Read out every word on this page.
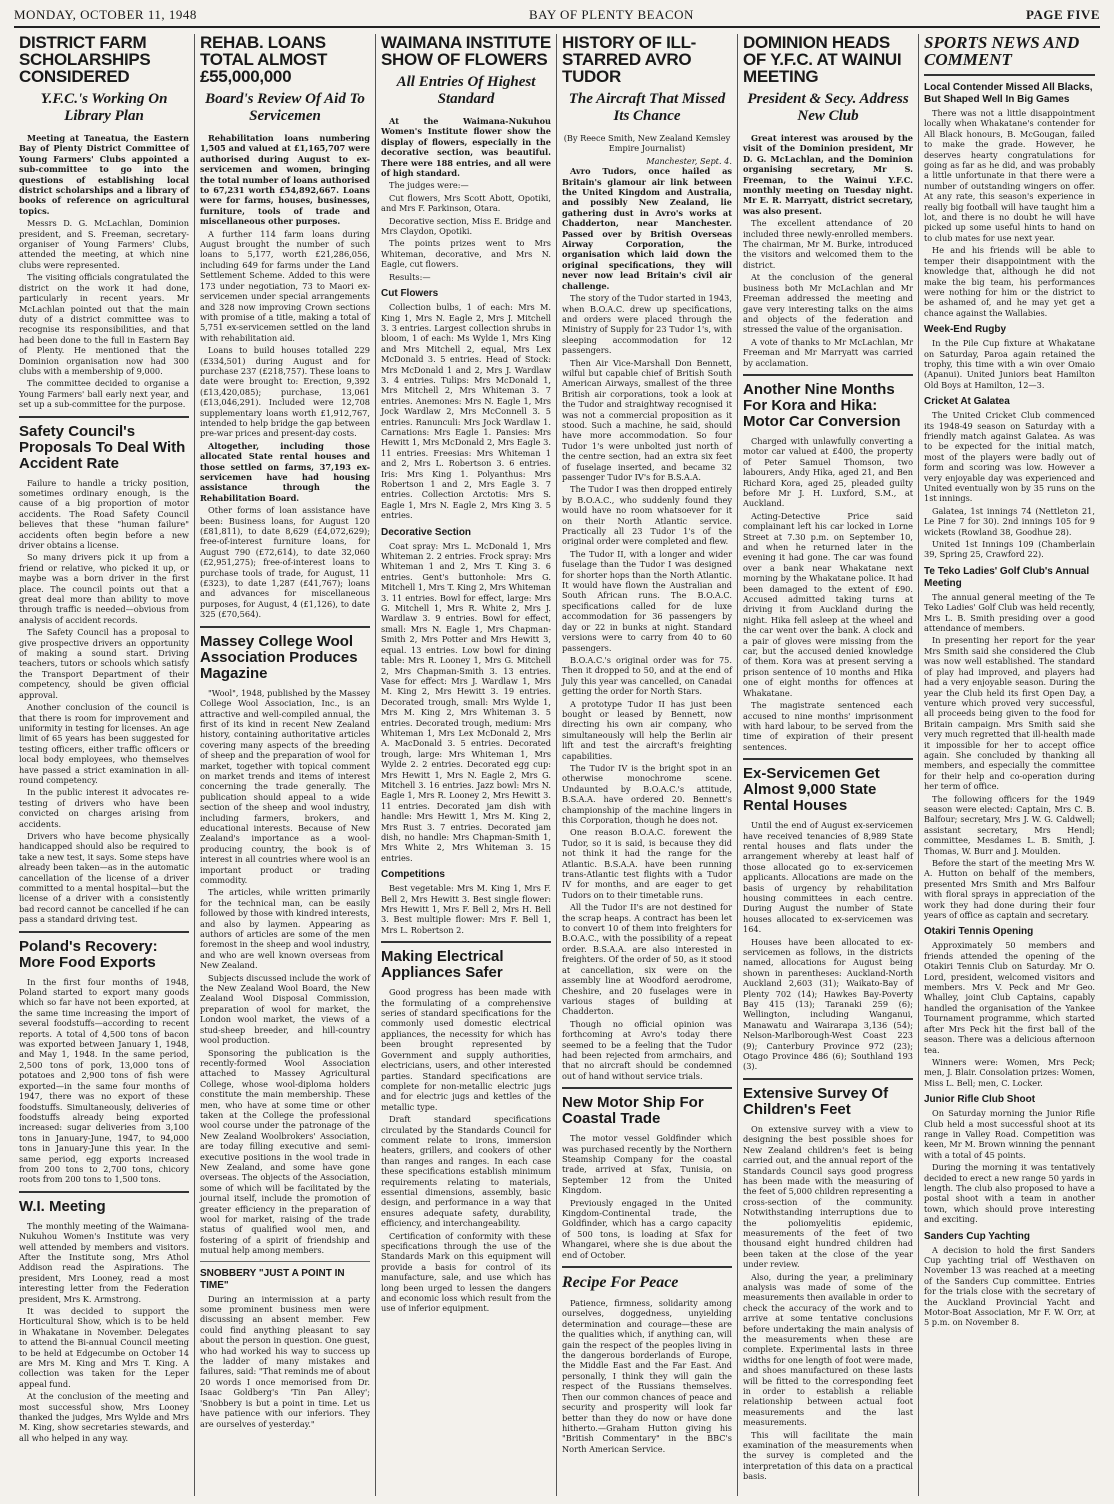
MONDAY, OCTOBER 11, 1948	BAY OF PLENTY BEACON	PAGE FIVE
DISTRICT FARM SCHOLARSHIPS CONSIDERED
Y.F.C.'s Working On Library Plan

Meeting at Taneatua, the Eastern Bay of Plenty District Committee of Young Farmers' Clubs appointed a sub-committee to go into the questions of establishing local district scholarships and a library of books of reference on agricultural topics.

Messrs D. G. McLachlan, Dominion president, and S. Freeman, secretary-organiser of Young Farmers' Clubs, attended the meeting, at which nine clubs were represented.

The visiting officials congratulated the district on the work it had done, particularly in recent years. Mr McLachlan pointed out that the main duty of a district committee was to recognise its responsibilities, and that had been done to the full in Eastern Bay of Plenty. He mentioned that the Dominion organisation now had 300 clubs with a membership of 9,000.

The committee decided to organise a Young Farmers' ball early next year, and set up a sub-committee for the purpose.

Safety Council's Proposals To Deal With Accident Rate

Failure to handle a tricky position, sometimes ordinary enough, is the cause of a big proportion of motor accidents. The Road Safety Council believes that these "human failure" accidents often begin before a new driver obtains a license.

So many drivers pick it up from a friend or relative, who picked it up, or maybe was a born driver in the first place. The council points out that a great deal more than ability to move through traffic is needed—obvious from analysis of accident records.

The Safety Council has a proposal to give prospective drivers an opportunity of making a sound start. Driving teachers, tutors or schools which satisfy the Transport Department of their competency, should be given official approval.

Another conclusion of the council is that there is room for improvement and uniformity in testing for licenses. An age limit of 65 years has been suggested for testing officers, either traffic officers or local body employees, who themselves have passed a strict examination in all-round competency.

In the public interest it advocates re-testing of drivers who have been convicted on charges arising from accidents.

Drivers who have become physically handicapped should also be required to take a new test, it says. Some steps have already been taken—as in the automatic cancellation of the license of a driver committed to a mental hospital—but the license of a driver with a consistently bad record cannot be cancelled if he can pass a standard driving test.

Poland's Recovery: More Food Exports

In the first four months of 1948, Poland started to export many goods which so far have not been exported, at the same time increasing the import of several foodstuffs—according to recent reports. A total of 4,500 tons of bacon was exported between January 1, 1948, and May 1, 1948. In the same period, 2,500 tons of pork, 13,000 tons of potatoes and 2,900 tons of fish were exported—in the same four months of 1947, there was no export of these foodstuffs. Simultaneously, deliveries of foodstuffs already being exported increased: sugar deliveries from 3,100 tons in January-June, 1947, to 94,000 tons in January-June this year. In the same period, egg exports increased from 200 tons to 2,700 tons, chicory roots from 200 tons to 1,500 tons.

W.I. Meeting

The monthly meeting of the Waimana-Nukuhou Women's Institute was very well attended by members and visitors. After the Institute song, Mrs Athol Addison read the Aspirations. The president, Mrs Looney, read a most interesting letter from the Federation president, Mrs K. Armstrong.

It was decided to support the Horticultural Show, which is to be held in Whakatane in November. Delegates to attend the Bi-annual Council meeting to be held at Edgecumbe on October 14 are Mrs M. King and Mrs T. King. A collection was taken for the Leper appeal fund.

At the conclusion of the meeting and most successful show, Mrs Looney thanked the judges, Mrs Wylde and Mrs M. King, show secretaries stewards, and all who helped in any way.

REHAB. LOANS TOTAL ALMOST £55,000,000
Board's Review Of Aid To Servicemen

Rehabilitation loans numbering 1,505 and valued at £1,165,707 were authorised during August to ex-servicemen and women, bringing the total number of loans authorised to 67,231 worth £54,892,667. Loans were for farms, houses, businesses, furniture, tools of trade and miscellaneous other purposes.

A further 114 farm loans during August brought the number of such loans to 5,177, worth £21,286,056, including 649 for farms under the Land Settlement Scheme. Added to this were 173 under negotiation, 73 to Maori ex-servicemen under special arrangements and 328 now improving Crown sections with promise of a title, making a total of 5,751 ex-servicemen settled on the land with rehabilitation aid.

Loans to build houses totalled 229 (£334,501) during August and for purchase 237 (£218,757). These loans to date were brought to: Erection, 9,392 (£13,420,085); purchase, 13,061 (£13,046,291). Included were 12,708 supplementary loans worth £1,912,767, intended to help bridge the gap between pre-war prices and present-day costs.

Altogether, including those allocated State rental houses and those settled on farms, 37,193 ex-servicemen have had housing assistance through the Rehabilitation Board.

Other forms of loan assistance have been: Business loans, for August 120 (£81,811), to date 8,629 (£4,072,629); free-of-interest furniture loans, for August 790 (£72,614), to date 32,060 (£2,951,275); free-of-interest loans to purchase tools of trade, for August, 11 (£323), to date 1,287 (£41,767); loans and advances for miscellaneous purposes, for August, 4 (£1,126), to date 325 (£70,564).

Massey College Wool Association Produces Magazine

"Wool", 1948, published by the Massey College Wool Association, Inc., is an attractive and well-compiled annual, the first of its kind in recent New Zealand history, containing authoritative articles covering many aspects of the breeding of sheep and the preparation of wool for market, together with topical comment on market trends and items of interest concerning the trade generally. The publication should appeal to a wide section of the sheep and wool industry, including farmers, brokers, and educational interests. Because of New Zealand's importance as a wool-producing country, the book is of interest in all countries where wool is an important product or trading commodity.

The articles, while written primarily for the technical man, can be easily followed by those with kindred interests, and also by laymen. Appearing as authors of articles are some of the men foremost in the sheep and wool industry, and who are well known overseas from New Zealand.

Subjects discussed include the work of the New Zealand Wool Board, the New Zealand Wool Disposal Commission, preparation of wool for market, the London wool market, the views of a stud-sheep breeder, and hill-country wool production.

Sponsoring the publication is the recently-formed Wool Association attached to Massey Agricultural College, whose wool-diploma holders constitute the main membership. These men, who have at some time or other taken at the College the professional wool course under the patronage of the New Zealand Woolbrokers' Association, are today filling executive and semi-executive positions in the wool trade in New Zealand, and some have gone overseas. The objects of the Association, some of which will be facilitated by the journal itself, include the promotion of greater efficiency in the preparation of wool for market, raising of the trade status of qualified wool men, and fostering of a spirit of friendship and mutual help among members.

SNOBBERY "JUST A POINT IN TIME"

During an intermission at a party some prominent business men were discussing an absent member. Few could find anything pleasant to say about the person in question. One guest, who had worked his way to success up the ladder of many mistakes and failures, said: "That reminds me of about 20 words I once memorised from Dr. Isaac Goldberg's 'Tin Pan Alley'; 'Snobbery is but a point in time. Let us have patience with our inferiors. They are ourselves of yesterday."

WAIMANA INSTITUTE SHOW OF FLOWERS
All Entries Of Highest Standard

At the Waimana-Nukuhou Women's Institute flower show the display of flowers, especially in the decorative section, was beautiful. There were 188 entries, and all were of high standard.

The judges were:—

Cut flowers, Mrs Scott Abott, Opotiki, and Mrs F. Parkinson, Otara.

Decorative section, Miss E. Bridge and Mrs Claydon, Opotiki.

The points prizes went to Mrs Whiteman, decorative, and Mrs N. Eagle, cut flowers.

Results:—

Cut Flowers

Collection bulbs, 1 of each: Mrs M. King 1, Mrs N. Eagle 2, Mrs J. Mitchell 3. 3 entries. Largest collection shrubs in bloom, 1 of each: Ms Wylde 1, Mrs King and Mrs Mitchell 2, equal, Mrs Lex McDonald 3. 5 entries. Head of Stock: Mrs McDonald 1 and 2, Mrs J. Wardlaw 3. 4 entries. Tulips: Mrs McDonald 1, Mrs Mitchell 2, Mrs Whiteman 3. 7 entries. Anemones: Mrs N. Eagle 1, Mrs Jock Wardlaw 2, Mrs McConnell 3. 5 entries. Ranunculi: Mrs Jock Wardlaw 1. Carnations: Mrs Eagle 1. Pansies: Mrs Hewitt 1, Mrs McDonald 2, Mrs Eagle 3. 11 entries. Freesias: Mrs Whiteman 1 and 2, Mrs L. Robertson 3. 6 entries. Iris: Mrs King 1. Polyanthus: Mrs Robertson 1 and 2, Mrs Eagle 3. 7 entries. Collection Arctotis: Mrs S. Eagle 1, Mrs N. Eagle 2, Mrs King 3. 5 entries.

Decorative Section

Coat spray: Mrs L. McDonald 1, Mrs Whiteman 2. 2 entries. Frock spray: Mrs Whiteman 1 and 2, Mrs T. King 3. 6 entries. Gent's buttonhole: Mrs G. Mitchell 1, Mrs T. King 2, Mrs Whiteman 3. 11 entries. Bowl for effect, large: Mrs G. Mitchell 1, Mrs R. White 2, Mrs J. Wardlaw 3. 9 entries. Bowl for effect, small: Mrs N. Eagle 1, Mrs Chapman-Smith 2, Mrs Potter and Mrs Hewitt 3, equal. 13 entries. Low bowl for dining table: Mrs R. Looney 1, Mrs G. Mitchell 2, Mrs Chapman-Smith 3. 13 entries. Vase for effect: Mrs J. Wardlaw 1, Mrs M. King 2, Mrs Hewitt 3. 19 entries. Decorated trough, small: Mrs Wylde 1, Mrs M. King 2, Mrs Whiteman 3. 5 entries. Decorated trough, medium: Mrs Whiteman 1, Mrs Lex McDonald 2, Mrs A. MacDonald 3. 5 entries. Decorated trough, large: Mrs Whiteman 1, Mrs Wylde 2. 2 entries. Decorated egg cup: Mrs Hewitt 1, Mrs N. Eagle 2, Mrs G. Mitchell 3. 16 entries. Jazz bowl: Mrs N. Eagle 1, Mrs R. Looney 2, Mrs Hewitt 3. 11 entries. Decorated jam dish with handle: Mrs Hewitt 1, Mrs M. King 2, Mrs Rust 3. 7 entries. Decorated jam dish, no handle: Mrs Chapman-Smith 1, Mrs White 2, Mrs Whiteman 3. 15 entries.

Competitions

Best vegetable: Mrs M. King 1, Mrs F. Bell 2, Mrs Hewitt 3. Best single flower: Mrs Hewitt 1, Mrs F. Bell 2, Mrs H. Bell 3. Best multiple flower: Mrs F. Bell 1, Mrs L. Robertson 2.

Making Electrical Appliances Safer

Good progress has been made with the formulating of a comprehensive series of standard specifications for the commonly used domestic electrical appliances, the necessity for which has been brought represented by Government and supply authorities, electricians, users, and other interested parties. Standard specifications are complete for non-metallic electric jugs and for electric jugs and kettles of the metallic type.

Draft standard specifications circulated by the Standards Council for comment relate to irons, immersion heaters, grillers, and cookers of other than ranges and ranges. In each case these specifications establish minimum requirements relating to materials, essential dimensions, assembly, basic design, and performance in a way that ensures adequate safety, durability, efficiency, and interchangeability.

Certification of conformity with these specifications through the use of the Standards Mark on this equipment will provide a basis for control of its manufacture, sale, and use which has long been urged to lessen the dangers and economic loss which result from the use of inferior equipment.

HISTORY OF ILL-STARRED AVRO TUDOR
The Aircraft That Missed Its Chance

(By Reece Smith, New Zealand Kemsley Empire Journalist)

Manchester, Sept. 4.

Avro Tudors, once hailed as Britain's glamour air link between the United Kingdom and Australia, and possibly New Zealand, lie gathering dust in Avro's works at Chadderton, near Manchester. Passed over by British Overseas Airway Corporation, the organisation which laid down the original specifications, they will never now lead Britain's civil air challenge.

The story of the Tudor started in 1943, when B.O.A.C. drew up specifications, and orders were placed through the Ministry of Supply for 23 Tudor 1's, with sleeping accommodation for 12 passengers.

Then Air Vice-Marshall Don Bennett, wilful but capable chief of British South American Airways, smallest of the three British air corporations, took a look at the Tudor and straightway recognised it was not a commercial proposition as it stood. Such a machine, he said, should have more accommodation. So four Tudor 1's were unbolted just north of the centre section, had an extra six feet of fuselage inserted, and became 32 passenger Tudor IV's for B.S.A.A.

The Tudor I was then dropped entirely by B.O.A.C., who suddenly found they would have no room whatsoever for it on their North Atlantic service. Practically all 23 Tudor 1's of the original order were completed and flew.

The Tudor II, with a longer and wider fuselage than the Tudor I was designed for shorter hops than the North Atlantic. It would have flown the Australian and South African runs. The B.O.A.C. specifications called for de luxe accommodation for 36 passengers by day or 22 in bunks at night. Standard versions were to carry from 40 to 60 passengers.

B.O.A.C.'s original order was for 75. Then it dropped to 50, and at the end of July this year was cancelled, on Canadai getting the order for North Stars.

A prototype Tudor II has just been bought or leased by Bennett, now directing his own air company, who simultaneously will help the Berlin air lift and test the aircraft's freighting capabilities.

The Tudor IV is the bright spot in an otherwise monochrome scene. Undaunted by B.O.A.C.'s attitude, B.S.A.A. have ordered 20. Bennett's championship of the machine lingers in this Corporation, though he does not.

One reason B.O.A.C. forewent the Tudor, so it is said, is because they did not think it had the range for the Atlantic. B.S.A.A. have been running trans-Atlantic test flights with a Tudor IV for months, and are eager to get Tudors on to their timetable runs.

All the Tudor II's are not destined for the scrap heaps. A contract has been let to convert 10 of them into freighters for B.O.A.C., with the possibility of a repeat order. B.S.A.A. are also interested in freighters. Of the order of 50, as it stood at cancellation, six were on the assembly line at Woodford aerodrome, Cheshire, and 20 fuselages were in various stages of building at Chadderton.

Though no official opinion was forthcoming at Avro's today there seemed to be a feeling that the Tudor had been rejected from armchairs, and that no aircraft should be condemned out of hand without service trials.

New Motor Ship For Coastal Trade

The motor vessel Goldfinder which was purchased recently by the Northern Steamship Company for the coastal trade, arrived at Sfax, Tunisia, on September 12 from the United Kingdom.

Previously engaged in the United Kingdom-Continental trade, the Goldfinder, which has a cargo capacity of 500 tons, is loading at Sfax for Whangarei, where she is due about the end of October.

Recipe For Peace

Patience, firmness, solidarity among ourselves, doggedness, unyielding determination and courage—these are the qualities which, if anything can, will gain the respect of the peoples living in the dangerous borderlands of Europe, the Middle East and the Far East. And personally, I think they will gain the respect of the Russians themselves. Then our common chances of peace and security and prosperity will look far better than they do now or have done hitherto.—Graham Hutton giving his "British Commentary" in the BBC's North American Service.

DOMINION HEADS OF Y.F.C. AT WAINUI MEETING
President & Secy. Address New Club

Great interest was aroused by the visit of the Dominion president, Mr D. G. McLachlan, and the Dominion organising secretary, Mr S. Freeman, to the Wainui Y.F.C. monthly meeting on Tuesday night. Mr E. R. Marryatt, district secretary, was also present.

The excellent attendance of 20 included three newly-enrolled members. The chairman, Mr M. Burke, introduced the visitors and welcomed them to the district.

At the conclusion of the general business both Mr McLachlan and Mr Freeman addressed the meeting and gave very interesting talks on the aims and objects of the federation and stressed the value of the organisation.

A vote of thanks to Mr McLachlan, Mr Freeman and Mr Marryatt was carried by acclamation.

Another Nine Months For Kora and Hika: Motor Car Conversion

Charged with unlawfully converting a motor car valued at £400, the property of Peter Samuel Thomson, two labourers, Andy Hika, aged 21, and Ben Richard Kora, aged 25, pleaded guilty before Mr J. H. Luxford, S.M., at Auckland.

Acting-Detective Price said complainant left his car locked in Lorne Street at 7.30 p.m. on September 10, and when he returned later in the evening it had gone. The car was found over a bank near Whakatane next morning by the Whakatane police. It had been damaged to the extent of £90. Accused admitted taking turns at driving it from Auckland during the night. Hika fell asleep at the wheel and the car went over the bank. A clock and a pair of gloves were missing from the car, but the accused denied knowledge of them. Kora was at present serving a prison sentence of 10 months and Hika one of eight months for offences at Whakatane.

The magistrate sentenced each accused to nine months' imprisonment with hard labour, to be served from the time of expiration of their present sentences.

Ex-Servicemen Get Almost 9,000 State Rental Houses

Until the end of August ex-servicemen have received tenancies of 8,989 State rental houses and flats under the arrangement whereby at least half of those allocated go to ex-servicemen applicants. Allocations are made on the basis of urgency by rehabilitation housing committees in each centre. During August the number of State houses allocated to ex-servicemen was 164.

Houses have been allocated to ex-servicemen as follows, in the districts named, allocations for August being shown in parentheses: Auckland-North Auckland 2,603 (31); Waikato-Bay of Plenty 702 (14); Hawkes Bay-Poverty Bay 415 (13); Taranaki 259 (6); Wellington, including Wanganui, Manawatu and Wairarapa 3,136 (54); Nelson-Marlborough-West Coast 223 (9); Canterbury Province 972 (23); Otago Province 486 (6); Southland 193 (3).

Extensive Survey Of Children's Feet

On extensive survey with a view to designing the best possible shoes for New Zealand children's feet is being carried out, and the annual report of the Standards Council says good progress has been made with the measuring of the feet of 5,000 children representing a cross-section of the community. Notwithstanding interruptions due to the poliomyelitis epidemic, measurements of the feet of two thousand eight hundred children had been taken at the close of the year under review.

Also, during the year, a preliminary analysis was made of some of the measurements then available in order to check the accuracy of the work and to arrive at some tentative conclusions before undertaking the main analysis of the measurements when these are complete. Experimental lasts in three widths for one length of foot were made, and shoes manufactured on these lasts will be fitted to the corresponding feet in order to establish a reliable relationship between actual foot measurements and the last measurements.

This will facilitate the main examination of the measurements when the survey is completed and the interpretation of this data on a practical basis.

SPORTS NEWS AND COMMENT
Local Contender Missed All Blacks, But Shaped Well In Big Games

There was not a little disappointment locally when Whakatane's contender for All Black honours, B. McGougan, failed to make the grade. However, he deserves hearty congratulations for going as far as he did, and was probably a little unfortunate in that there were a number of outstanding wingers on offer. At any rate, this season's experience in really big football will have taught him a lot, and there is no doubt he will have picked up some useful hints to hand on to club mates for use next year.

He and his friends will be able to temper their disappointment with the knowledge that, although he did not make the big team, his performances were nothing for him or the district to be ashamed of, and he may yet get a chance against the Wallabies.

Week-End Rugby

In the Pile Cup fixture at Whakatane on Saturday, Paroa again retained the trophy, this time with a win over Omaio (Apanui). United Juniors beat Hamilton Old Boys at Hamilton, 12—3.

Cricket At Galatea

The United Cricket Club commenced its 1948-49 season on Saturday with a friendly match against Galatea. As was to be expected for the initial match, most of the players were badly out of form and scoring was low. However a very enjoyable day was experienced and United eventually won by 35 runs on the 1st innings.

Galatea, 1st innings 74 (Nettleton 21, Le Pine 7 for 30). 2nd innings 105 for 9 wickets (Rowland 38, Goodhue 28).

United 1st Innings 109 (Chamberlain 39, Spring 25, Crawford 22).

Te Teko Ladies' Golf Club's Annual Meeting

The annual general meeting of the Te Teko Ladies' Golf Club was held recently, Mrs L. B. Smith presiding over a good attendance of members.

In presenting her report for the year Mrs Smith said she considered the Club was now well established. The standard of play had improved, and players had had a very enjoyable season. During the year the Club held its first Open Day, a venture which proved very successful, all proceeds being given to the food for Britain campaign. Mrs Smith said she very much regretted that ill-health made it impossible for her to accept office again. She concluded by thanking all members, and especially the committee for their help and co-operation during her term of office.

The following officers for the 1949 season were elected: Captain, Mrs C. B. Balfour; secretary, Mrs J. W. G. Caldwell; assistant secretary, Mrs Hendl; committee, Mesdames L. B. Smith, J. Thomas, W. Burr and J. Moulden.

Before the start of the meeting Mrs W. A. Hutton on behalf of the members, presented Mrs Smith and Mrs Balfour with floral sprays in appreciation of the work they had done during their four years of office as captain and secretary.

Otakiri Tennis Opening

Approximately 50 members and friends attended the opening of the Otakiri Tennis Club on Saturday. Mr O. Lord, president, welcomed visitors and members. Mrs V. Peck and Mr Geo. Whalley, joint Club Captains, capably handled the organisation of the Yankee Tournament programme, which started after Mrs Peck hit the first ball of the season. There was a delicious afternoon tea.

Winners were: Women, Mrs Peck; men, J. Blair. Consolation prizes: Women, Miss L. Bell; men, C. Locker.

Junior Rifle Club Shoot

On Saturday morning the Junior Rifle Club held a most successful shoot at its range in Valley Road. Competition was keen, Mr M. Brown winning the pennant with a total of 45 points.

During the morning it was tentatively decided to erect a new range 50 yards in length. The club also proposed to have a postal shoot with a team in another town, which should prove interesting and exciting.

Sanders Cup Yachting

A decision to hold the first Sanders Cup yachting trial off Westhaven on November 13 was reached at a meeting of the Sanders Cup committee. Entries for the trials close with the secretary of the Auckland Provincial Yacht and Motor-Boat Association, Mr F. W. Orr, at 5 p.m. on November 8.
